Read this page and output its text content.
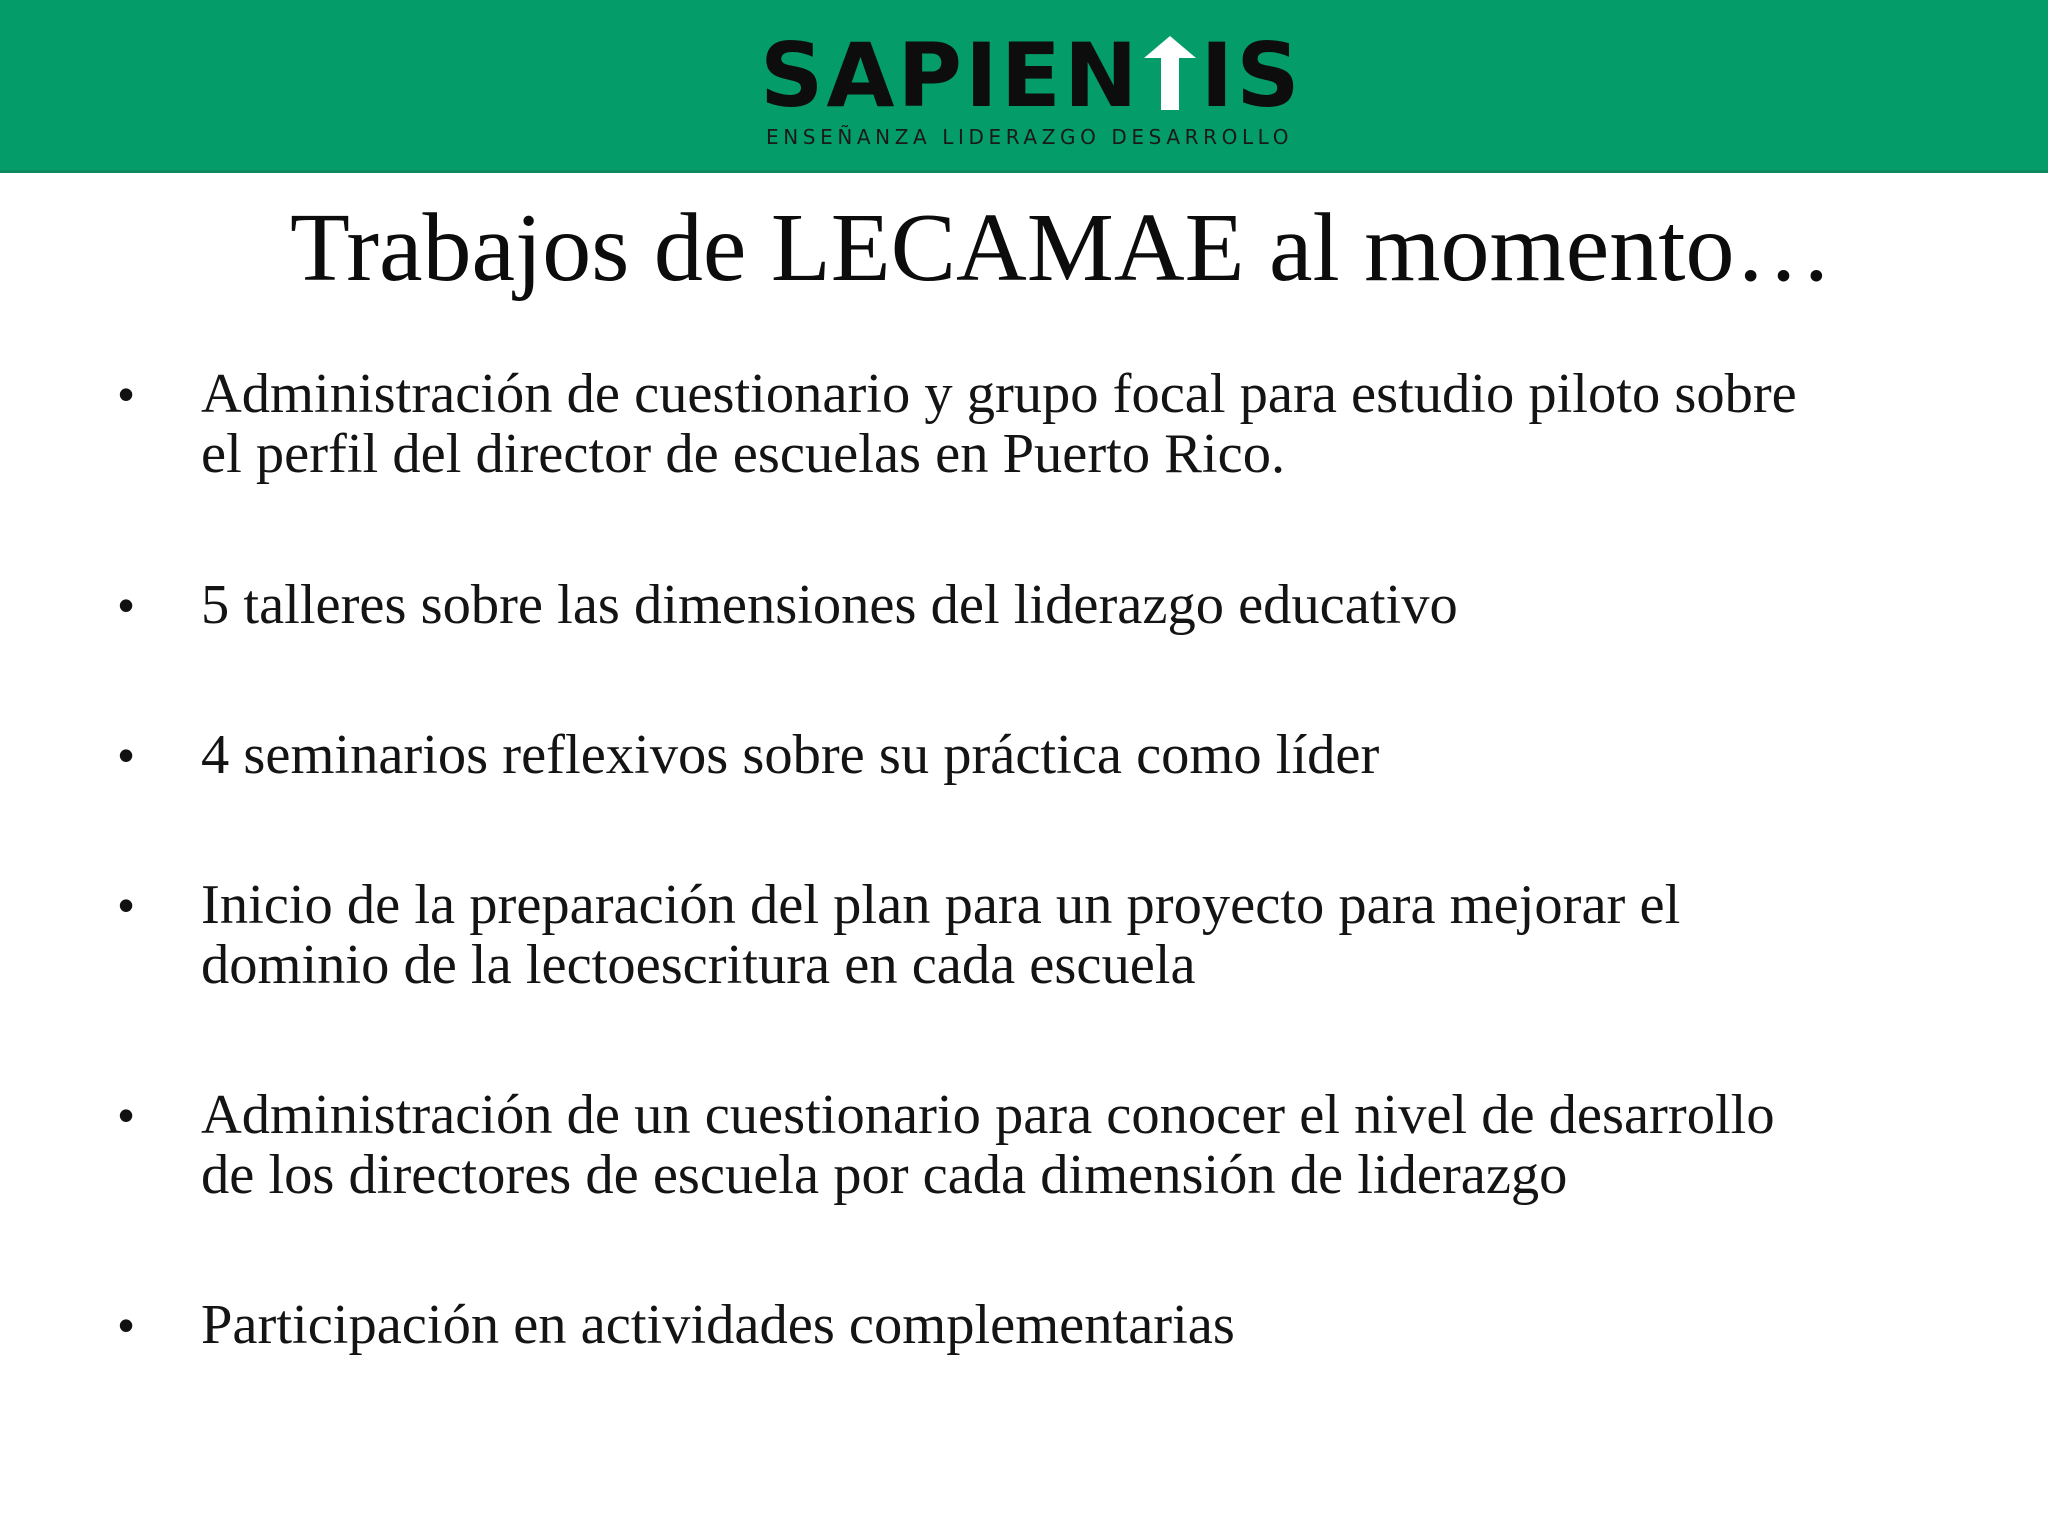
SAPIEN IS
ENSEÑANZA LIDERAZGO DESARROLLO
Trabajos de LECAMAE al momento…
• Administración de cuestionario y grupo focal para estudio piloto sobre
el perfil del director de escuelas en Puerto Rico.
• 5 talleres sobre las dimensiones del liderazgo educativo
• 4 seminarios reflexivos sobre su práctica como líder
• Inicio de la preparación del plan para un proyecto para mejorar el
dominio de la lectoescritura en cada escuela
• Administración de un cuestionario para conocer el nivel de desarrollo
de los directores de escuela por cada dimensión de liderazgo
• Participación en actividades complementarias
